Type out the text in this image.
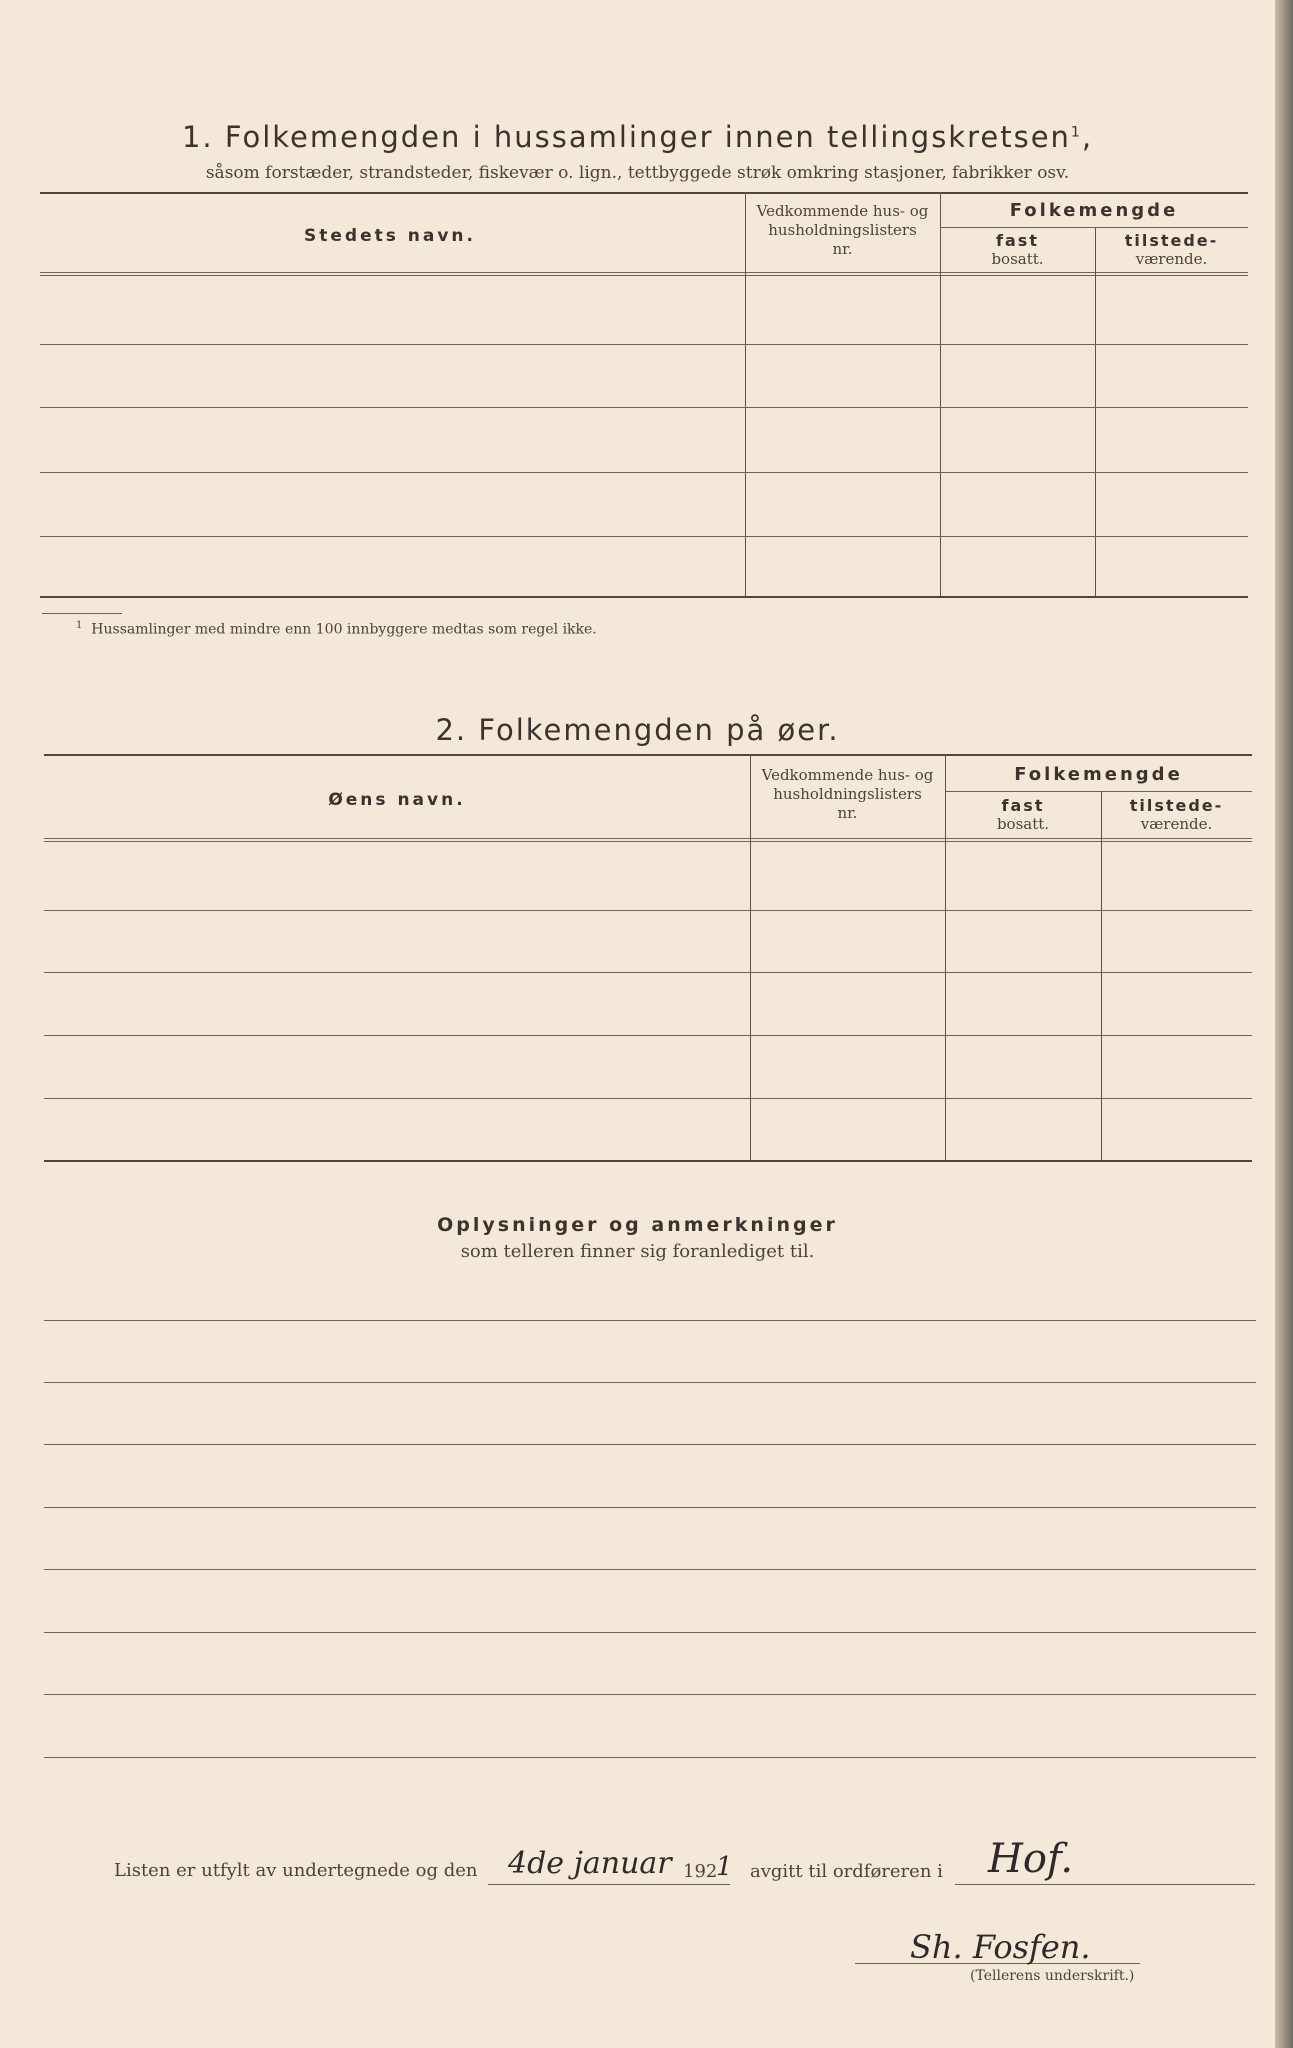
1. Folkemengden i hussamlinger innen tellingskretsen$^1$,
såsom forstæder, strandsteder, fiskevær o. lign., tettbyggede strøk omkring stasjoner, fabrikker osv.
Stedets navn.
Vedkommende hus- og
husholdningslisters
nr.
Folkemengde
fast
bosatt.
tilstede-
værende.
$^1$ Hussamlinger med mindre enn 100 innbyggere medtas som regel ikke.
2. Folkemengden på øer.
Øens navn.
Vedkommende hus- og
husholdningslisters
nr.
Folkemengde
fast
bosatt.
tilstede-
værende.
Oplysninger og anmerkninger
som telleren finner sig foranlediget til.
Listen er utfylt av undertegnede og den 4de januar 192
1 avgitt til ordføreren i Hof.
Sh. Fosfen.
(Tellerens underskrift.)
